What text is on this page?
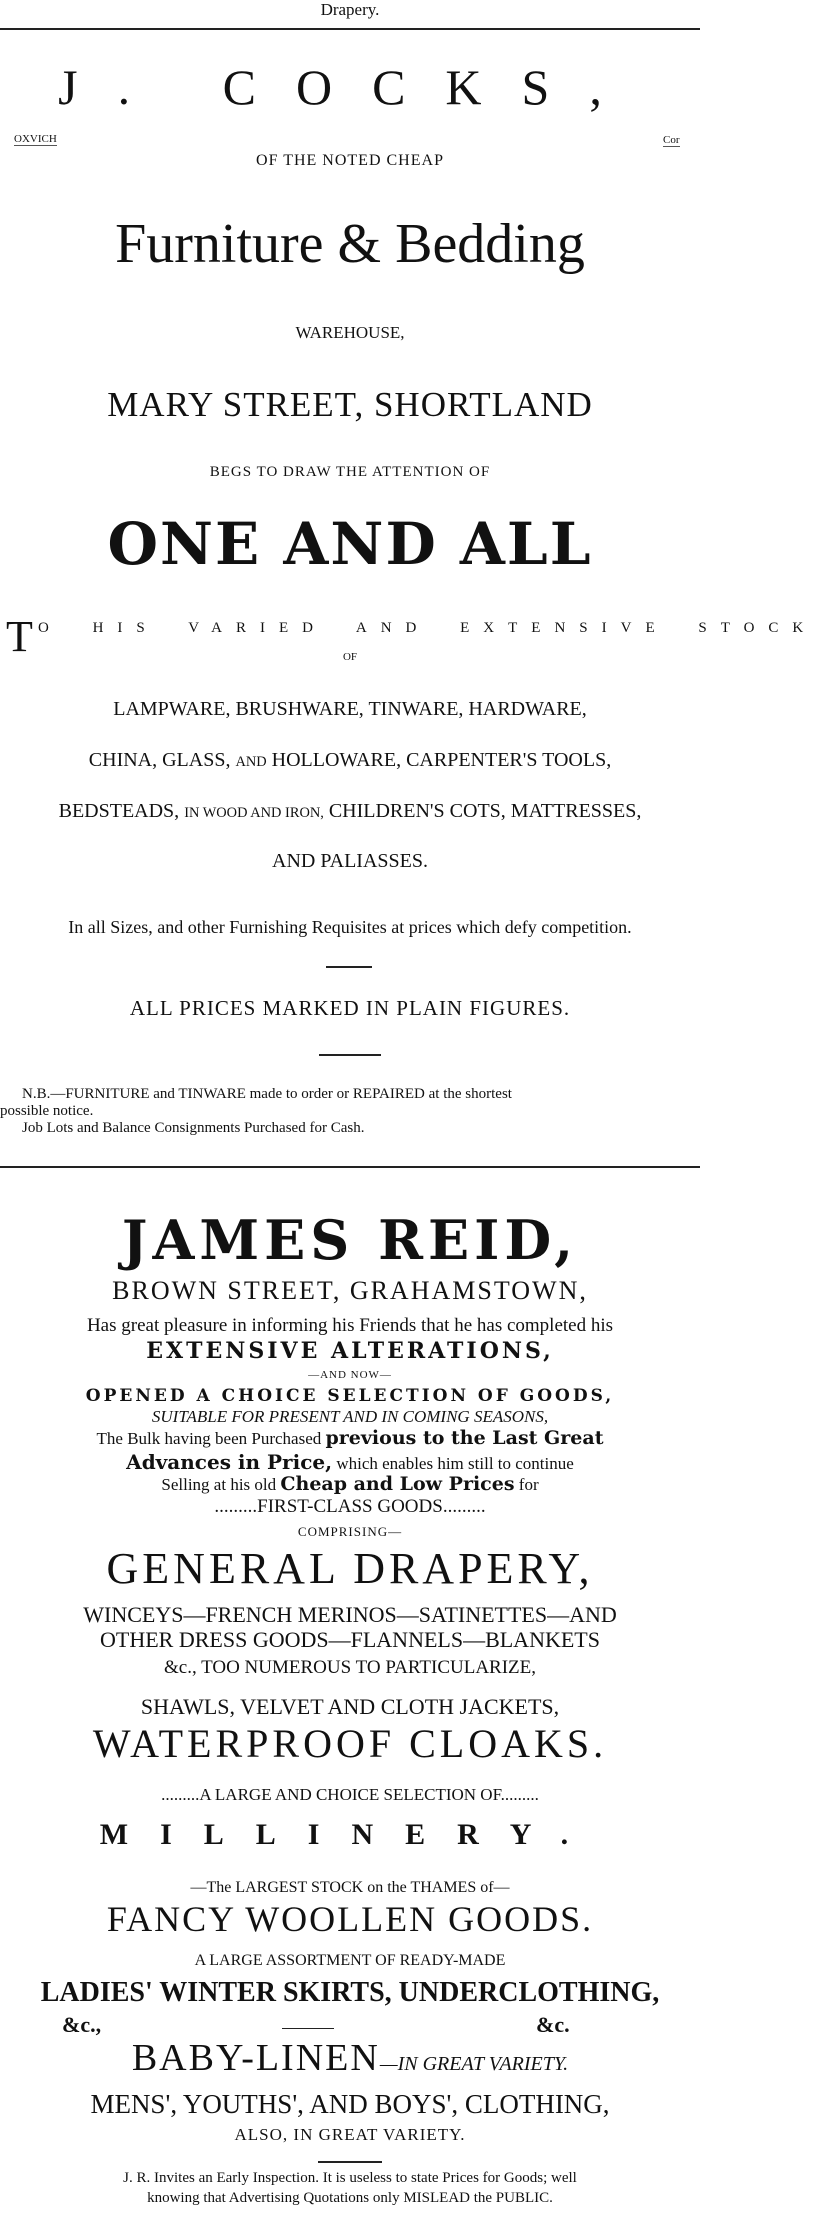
Drapery.
J. COCKS,
OXVICH	Cor
OF THE NOTED CHEAP
Furniture & Bedding
WAREHOUSE,
MARY STREET, SHORTLAND
BEGS TO DRAW THE ATTENTION OF
ONE AND ALL
T O HIS VARIED AND EXTENSIVE STOCK
OF
LAMPWARE, BRUSHWARE, TINWARE, HARDWARE,
CHINA, GLASS, AND HOLLOWARE, CARPENTER'S TOOLS,
BEDSTEADS, IN WOOD AND IRON, CHILDREN'S COTS, MATTRESSES,
AND PALIASSES.
In all Sizes, and other Furnishing Requisites at prices which defy competition.
ALL PRICES MARKED IN PLAIN FIGURES.
N.B.—FURNITURE and TINWARE made to order or REPAIRED at the shortest
possible notice.
Job Lots and Balance Consignments Purchased for Cash.
JAMES REID,
BROWN STREET, GRAHAMSTOWN,
Has great pleasure in informing his Friends that he has completed his
EXTENSIVE ALTERATIONS,
—AND NOW—
OPENED A CHOICE SELECTION OF GOODS,
SUITABLE FOR PRESENT AND IN COMING SEASONS,
The Bulk having been Purchased previous to the Last Great
Advances in Price, which enables him still to continue
Selling at his old Cheap and Low Prices for
.........FIRST-CLASS GOODS.........
COMPRISING—
GENERAL DRAPERY,
WINCEYS—FRENCH MERINOS—SATINETTES—AND
OTHER DRESS GOODS—FLANNELS—BLANKETS
&c., TOO NUMEROUS TO PARTICULARIZE,
SHAWLS, VELVET AND CLOTH JACKETS,
WATERPROOF CLOAKS.
.........A LARGE AND CHOICE SELECTION OF.........
MILLINERY.
—The LARGEST STOCK on the THAMES of—
FANCY WOOLLEN GOODS.
A LARGE ASSORTMENT OF READY-MADE
LADIES' WINTER SKIRTS, UNDERCLOTHING,
&c.,	&c.
BABY-LINEN—IN GREAT VARIETY.
MENS', YOUTHS', AND BOYS', CLOTHING,
ALSO, IN GREAT VARIETY.
J. R. Invites an Early Inspection. It is useless to state Prices for Goods; well
knowing that Advertising Quotations only MISLEAD the PUBLIC.
